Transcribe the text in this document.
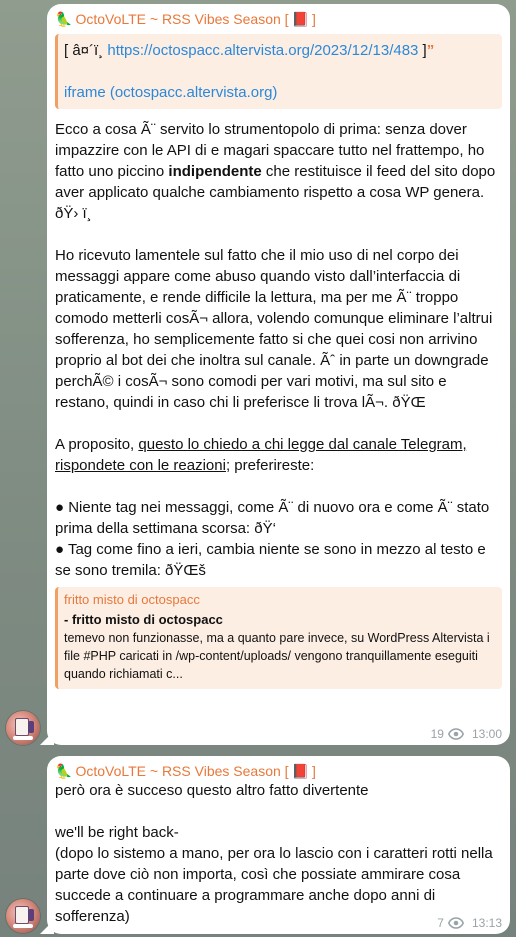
🦜 OctoVoLTE ~ RSS Vibes Season [ 📕 ]
[ â¤´ï¸ https://octospacc.altervista.org/2023/12/13/483 ]”
iframe (octospacc.altervista.org)

Ecco a cosa Ã¨ servito lo strumentopolo di prima: senza dover impazzire con le API di e magari spaccare tutto nel frattempo, ho fatto uno piccino indipendente che restituisce il feed del sito dopo aver applicato qualche cambiamento rispetto a cosa WP genera. ðŸ› ï¸

Ho ricevuto lamentele sul fatto che il mio uso di nel corpo dei messaggi appare come abuso quando visto dall’interfaccia di praticamente, e rende difficile la lettura, ma per me Ã¨ troppo comodo metterli cosÃ¬ allora, volendo comunque eliminare l’altrui sofferenza, ho semplicemente fatto si che quei cosi non arrivino proprio al bot dei che inoltra sul canale. Ãˆ in parte un downgrade perchÃ© i cosÃ¬ sono comodi per vari motivi, ma sul sito e restano, quindi in caso chi li preferisce li trova lÃ¬. ðŸŒ

A proposito, questo lo chiedo a chi legge dal canale Telegram, rispondete con le reazioni; preferireste:

● Niente tag nei messaggi, come Ã¨ di nuovo ora e come Ã¨ stato prima della settimana scorsa: ðŸ‘

● Tag come fino a ieri, cambia niente se sono in mezzo al testo e se sono tremila: ðŸŒš

fritto misto di octospacc
- fritto misto di octospacc
temevo non funzionasse, ma a quanto pare invece, su WordPress Altervista i file #PHP caricati in /wp-content/uploads/ vengono tranquillamente eseguiti quando richiamati c...
19 13:00
🦜 OctoVoLTE ~ RSS Vibes Season [ 📕 ]

però ora è succeso questo altro fatto divertente

we'll be right back-

(dopo lo sistemo a mano, per ora lo lascio con i caratteri rotti nella parte dove ciò non importa, così che possiate ammirare cosa succede a continuare a programmare anche dopo anni di sofferenza)	7 13:13
